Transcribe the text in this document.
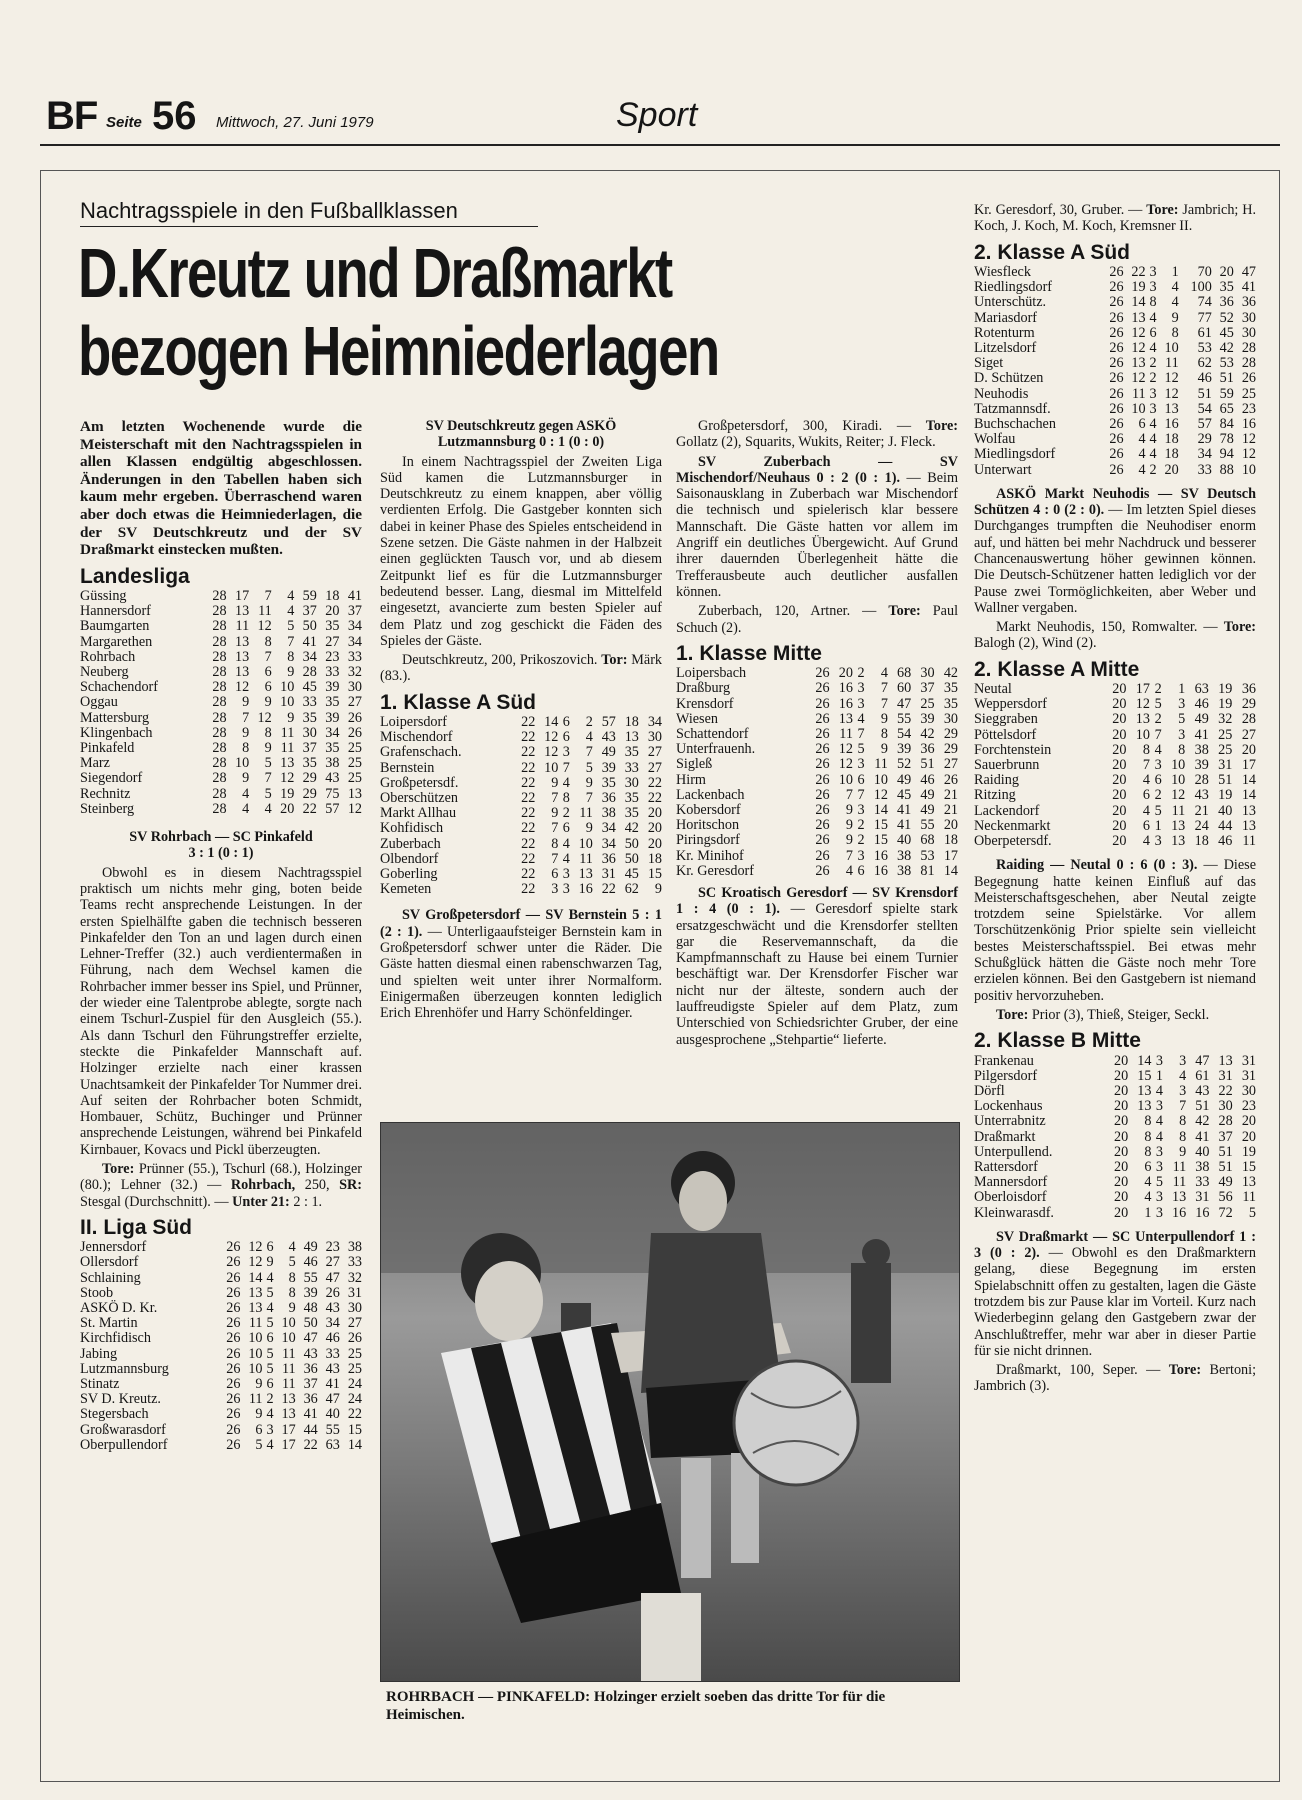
BF Seite 56 Mittwoch, 27. Juni 1979	Sport
Nachtragsspiele in den Fußballklassen
D.Kreutz und Draßmarkt
bezogen Heimniederlagen

Am letzten Wochenende wurde die Meisterschaft mit den Nachtragsspielen in allen Klassen endgültig abgeschlossen. Änderungen in den Tabellen haben sich kaum mehr ergeben. Überraschend waren aber doch etwas die Heimniederlagen, die der SV Deutschkreutz und der SV Draßmarkt einstecken mußten.

Landesliga
Güssing	28	17	7	4	59	18	41
Hannersdorf	28	13	11	4	37	20	37
Baumgarten	28	11	12	5	50	35	34
Margarethen	28	13	8	7	41	27	34
Rohrbach	28	13	7	8	34	23	33
Neuberg	28	13	6	9	28	33	32
Schachendorf	28	12	6	10	45	39	30
Oggau	28	9	9	10	33	35	27
Mattersburg	28	7	12	9	35	39	26
Klingenbach	28	9	8	11	30	34	26
Pinkafeld	28	8	9	11	37	35	25
Marz	28	10	5	13	35	38	25
Siegendorf	28	9	7	12	29	43	25
Rechnitz	28	4	5	19	29	75	13
Steinberg	28	4	4	20	22	57	12

SV Rohrbach — SC Pinkafeld
3 : 1 (0 : 1)

Obwohl es in diesem Nachtragsspiel praktisch um nichts mehr ging, boten beide Teams recht ansprechende Leistungen. In der ersten Spielhälfte gaben die technisch besseren Pinkafelder den Ton an und lagen durch einen Lehner-Treffer (32.) auch verdientermaßen in Führung, nach dem Wechsel kamen die Rohrbacher immer besser ins Spiel, und Prünner, der wieder eine Talentprobe ablegte, sorgte nach einem Tschurl-Zuspiel für den Ausgleich (55.). Als dann Tschurl den Führungstreffer erzielte, steckte die Pinkafelder Mannschaft auf. Holzinger erzielte nach einer krassen Unachtsamkeit der Pinkafelder Tor Nummer drei. Auf seiten der Rohrbacher boten Schmidt, Hombauer, Schütz, Buchinger und Prünner ansprechende Leistungen, während bei Pinkafeld Kirnbauer, Kovacs und Pickl überzeugten.

Tore: Prünner (55.), Tschurl (68.), Holzinger (80.); Lehner (32.) — Rohrbach, 250, SR: Stesgal (Durchschnitt). — Unter 21: 2 : 1.

II. Liga Süd
Jennersdorf	26	12	6	4	49	23	38
Ollersdorf	26	12	9	5	46	27	33
Schlaining	26	14	4	8	55	47	32
Stoob	26	13	5	8	39	26	31
ASKÖ D. Kr.	26	13	4	9	48	43	30
St. Martin	26	11	5	10	50	34	27
Kirchfidisch	26	10	6	10	47	46	26
Jabing	26	10	5	11	43	33	25
Lutzmannsburg	26	10	5	11	36	43	25
Stinatz	26	9	6	11	37	41	24
SV D. Kreutz.	26	11	2	13	36	47	24
Stegersbach	26	9	4	13	41	40	22
Großwarasdorf	26	6	3	17	44	55	15
Oberpullendorf	26	5	4	17	22	63	14

SV Deutschkreutz gegen ASKÖ
Lutzmannsburg 0 : 1 (0 : 0)

In einem Nachtragsspiel der Zweiten Liga Süd kamen die Lutzmannsburger in Deutschkreutz zu einem knappen, aber völlig verdienten Erfolg. Die Gastgeber konnten sich dabei in keiner Phase des Spieles entscheidend in Szene setzen. Die Gäste nahmen in der Halbzeit einen geglückten Tausch vor, und ab diesem Zeitpunkt lief es für die Lutzmannsburger bedeutend besser. Lang, diesmal im Mittelfeld eingesetzt, avancierte zum besten Spieler auf dem Platz und zog geschickt die Fäden des Spieles der Gäste.

Deutschkreutz, 200, Prikoszovich. Tor: Märk (83.).

1. Klasse A Süd
Loipersdorf	22	14	6	2	57	18	34
Mischendorf	22	12	6	4	43	13	30
Grafenschach.	22	12	3	7	49	35	27
Bernstein	22	10	7	5	39	33	27
Großpetersdf.	22	9	4	9	35	30	22
Oberschützen	22	7	8	7	36	35	22
Markt Allhau	22	9	2	11	38	35	20
Kohfidisch	22	7	6	9	34	42	20
Zuberbach	22	8	4	10	34	50	20
Olbendorf	22	7	4	11	36	50	18
Goberling	22	6	3	13	31	45	15
Kemeten	22	3	3	16	22	62	9

SV Großpetersdorf — SV Bernstein 5 : 1 (2 : 1). — Unterligaaufsteiger Bernstein kam in Großpetersdorf schwer unter die Räder. Die Gäste hatten diesmal einen rabenschwarzen Tag, und spielten weit unter ihrer Normalform. Einigermaßen überzeugen konnten lediglich Erich Ehrenhöfer und Harry Schönfeldinger.

Großpetersdorf, 300, Kiradi. — Tore: Gollatz (2), Squarits, Wukits, Reiter; J. Fleck.

SV Zuberbach — SV Mischendorf/Neuhaus 0 : 2 (0 : 1). — Beim Saisonausklang in Zuberbach war Mischendorf die technisch und spielerisch klar bessere Mannschaft. Die Gäste hatten vor allem im Angriff ein deutliches Übergewicht. Auf Grund ihrer dauernden Überlegenheit hätte die Trefferausbeute auch deutlicher ausfallen können.

Zuberbach, 120, Artner. — Tore: Paul Schuch (2).

1. Klasse Mitte
Loipersbach	26	20	2	4	68	30	42
Draßburg	26	16	3	7	60	37	35
Krensdorf	26	16	3	7	47	25	35
Wiesen	26	13	4	9	55	39	30
Schattendorf	26	11	7	8	54	42	29
Unterfrauenh.	26	12	5	9	39	36	29
Sigleß	26	12	3	11	52	51	27
Hirm	26	10	6	10	49	46	26
Lackenbach	26	7	7	12	45	49	21
Kobersdorf	26	9	3	14	41	49	21
Horitschon	26	9	2	15	41	55	20
Piringsdorf	26	9	2	15	40	68	18
Kr. Minihof	26	7	3	16	38	53	17
Kr. Geresdorf	26	4	6	16	38	81	14

SC Kroatisch Geresdorf — SV Krensdorf 1 : 4 (0 : 1). — Geresdorf spielte stark ersatzgeschwächt und die Krensdorfer stellten gar die Reservemannschaft, da die Kampfmannschaft zu Hause bei einem Turnier beschäftigt war. Der Krensdorfer Fischer war nicht nur der älteste, sondern auch der lauffreudigste Spieler auf dem Platz, zum Unterschied von Schiedsrichter Gruber, der eine ausgesprochene „Stehpartie“ lieferte.

ROHRBACH — PINKAFELD: Holzinger erzielt soeben das dritte Tor für die Heimischen.

Kr. Geresdorf, 30, Gruber. — Tore: Jambrich; H. Koch, J. Koch, M. Koch, Kremsner II.

2. Klasse A Süd
Wiesfleck	26	22	3	1	70	20	47
Riedlingsdorf	26	19	3	4	100	35	41
Unterschütz.	26	14	8	4	74	36	36
Mariasdorf	26	13	4	9	77	52	30
Rotenturm	26	12	6	8	61	45	30
Litzelsdorf	26	12	4	10	53	42	28
Siget	26	13	2	11	62	53	28
D. Schützen	26	12	2	12	46	51	26
Neuhodis	26	11	3	12	51	59	25
Tatzmannsdf.	26	10	3	13	54	65	23
Buchschachen	26	6	4	16	57	84	16
Wolfau	26	4	4	18	29	78	12
Miedlingsdorf	26	4	4	18	34	94	12
Unterwart	26	4	2	20	33	88	10

ASKÖ Markt Neuhodis — SV Deutsch Schützen 4 : 0 (2 : 0). — Im letzten Spiel dieses Durchganges trumpften die Neuhodiser enorm auf, und hätten bei mehr Nachdruck und besserer Chancenauswertung höher gewinnen können. Die Deutsch-Schützener hatten lediglich vor der Pause zwei Tormöglichkeiten, aber Weber und Wallner vergaben.

Markt Neuhodis, 150, Romwalter. — Tore: Balogh (2), Wind (2).

2. Klasse A Mitte
Neutal	20	17	2	1	63	19	36
Weppersdorf	20	12	5	3	46	19	29
Sieggraben	20	13	2	5	49	32	28
Pöttelsdorf	20	10	7	3	41	25	27
Forchtenstein	20	8	4	8	38	25	20
Sauerbrunn	20	7	3	10	39	31	17
Raiding	20	4	6	10	28	51	14
Ritzing	20	6	2	12	43	19	14
Lackendorf	20	4	5	11	21	40	13
Neckenmarkt	20	6	1	13	24	44	13
Oberpetersdf.	20	4	3	13	18	46	11

Raiding — Neutal 0 : 6 (0 : 3). — Diese Begegnung hatte keinen Einfluß auf das Meisterschaftsgeschehen, aber Neutal zeigte trotzdem seine Spielstärke. Vor allem Torschützenkönig Prior spielte sein vielleicht bestes Meisterschaftsspiel. Bei etwas mehr Schußglück hätten die Gäste noch mehr Tore erzielen können. Bei den Gastgebern ist niemand positiv hervorzuheben.

Tore: Prior (3), Thieß, Steiger, Seckl.

2. Klasse B Mitte
Frankenau	20	14	3	3	47	13	31
Pilgersdorf	20	15	1	4	61	31	31
Dörfl	20	13	4	3	43	22	30
Lockenhaus	20	13	3	7	51	30	23
Unterrabnitz	20	8	4	8	42	28	20
Draßmarkt	20	8	4	8	41	37	20
Unterpullend.	20	8	3	9	40	51	19
Rattersdorf	20	6	3	11	38	51	15
Mannersdorf	20	4	5	11	33	49	13
Oberloisdorf	20	4	3	13	31	56	11
Kleinwarasdf.	20	1	3	16	16	72	5

SV Draßmarkt — SC Unterpullendorf 1 : 3 (0 : 2). — Obwohl es den Draßmarktern gelang, diese Begegnung im ersten Spielabschnitt offen zu gestalten, lagen die Gäste trotzdem bis zur Pause klar im Vorteil. Kurz nach Wiederbeginn gelang den Gastgebern zwar der Anschlußtreffer, mehr war aber in dieser Partie für sie nicht drinnen.

Draßmarkt, 100, Seper. — Tore: Bertoni; Jambrich (3).
